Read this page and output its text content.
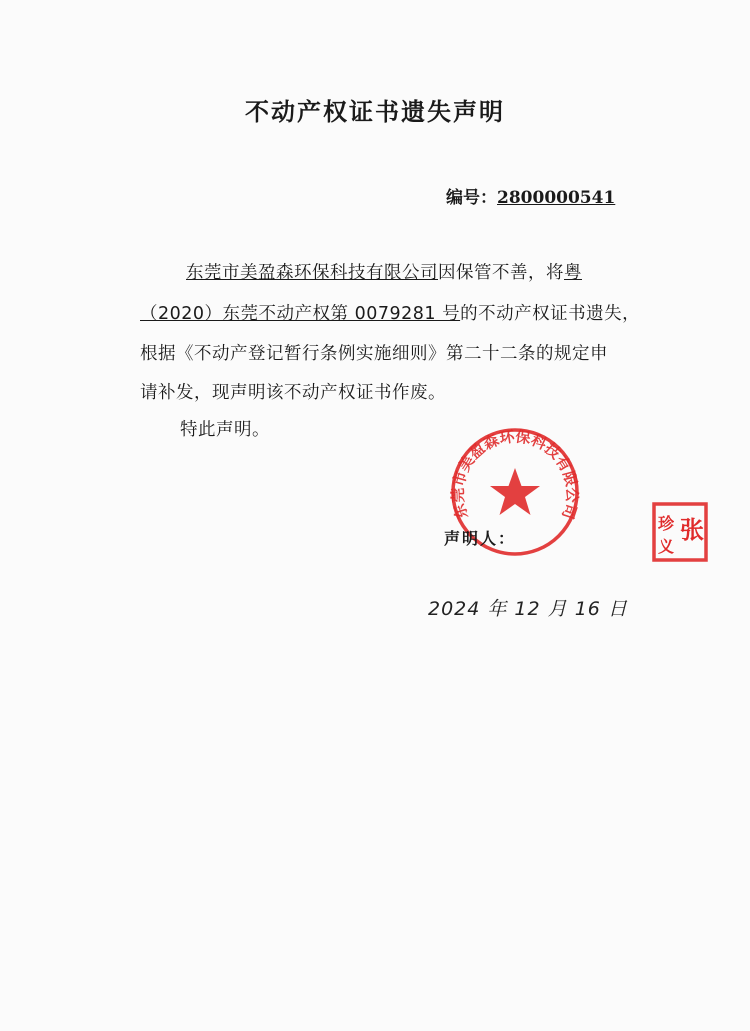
不动产权证书遗失声明
编号：2800000541
东莞市美盈森环保科技有限公司因保管不善，将粤
（2020）东莞不动产权第 0079281 号的不动产权证书遗失，
根据《不动产登记暂行条例实施细则》第二十二条的规定申
请补发，现声明该不动产权证书作废。
特此声明。
东莞市美盈森环保科技有限公司
声明人：
珍 张
义
2024 年 12 月 16 日
